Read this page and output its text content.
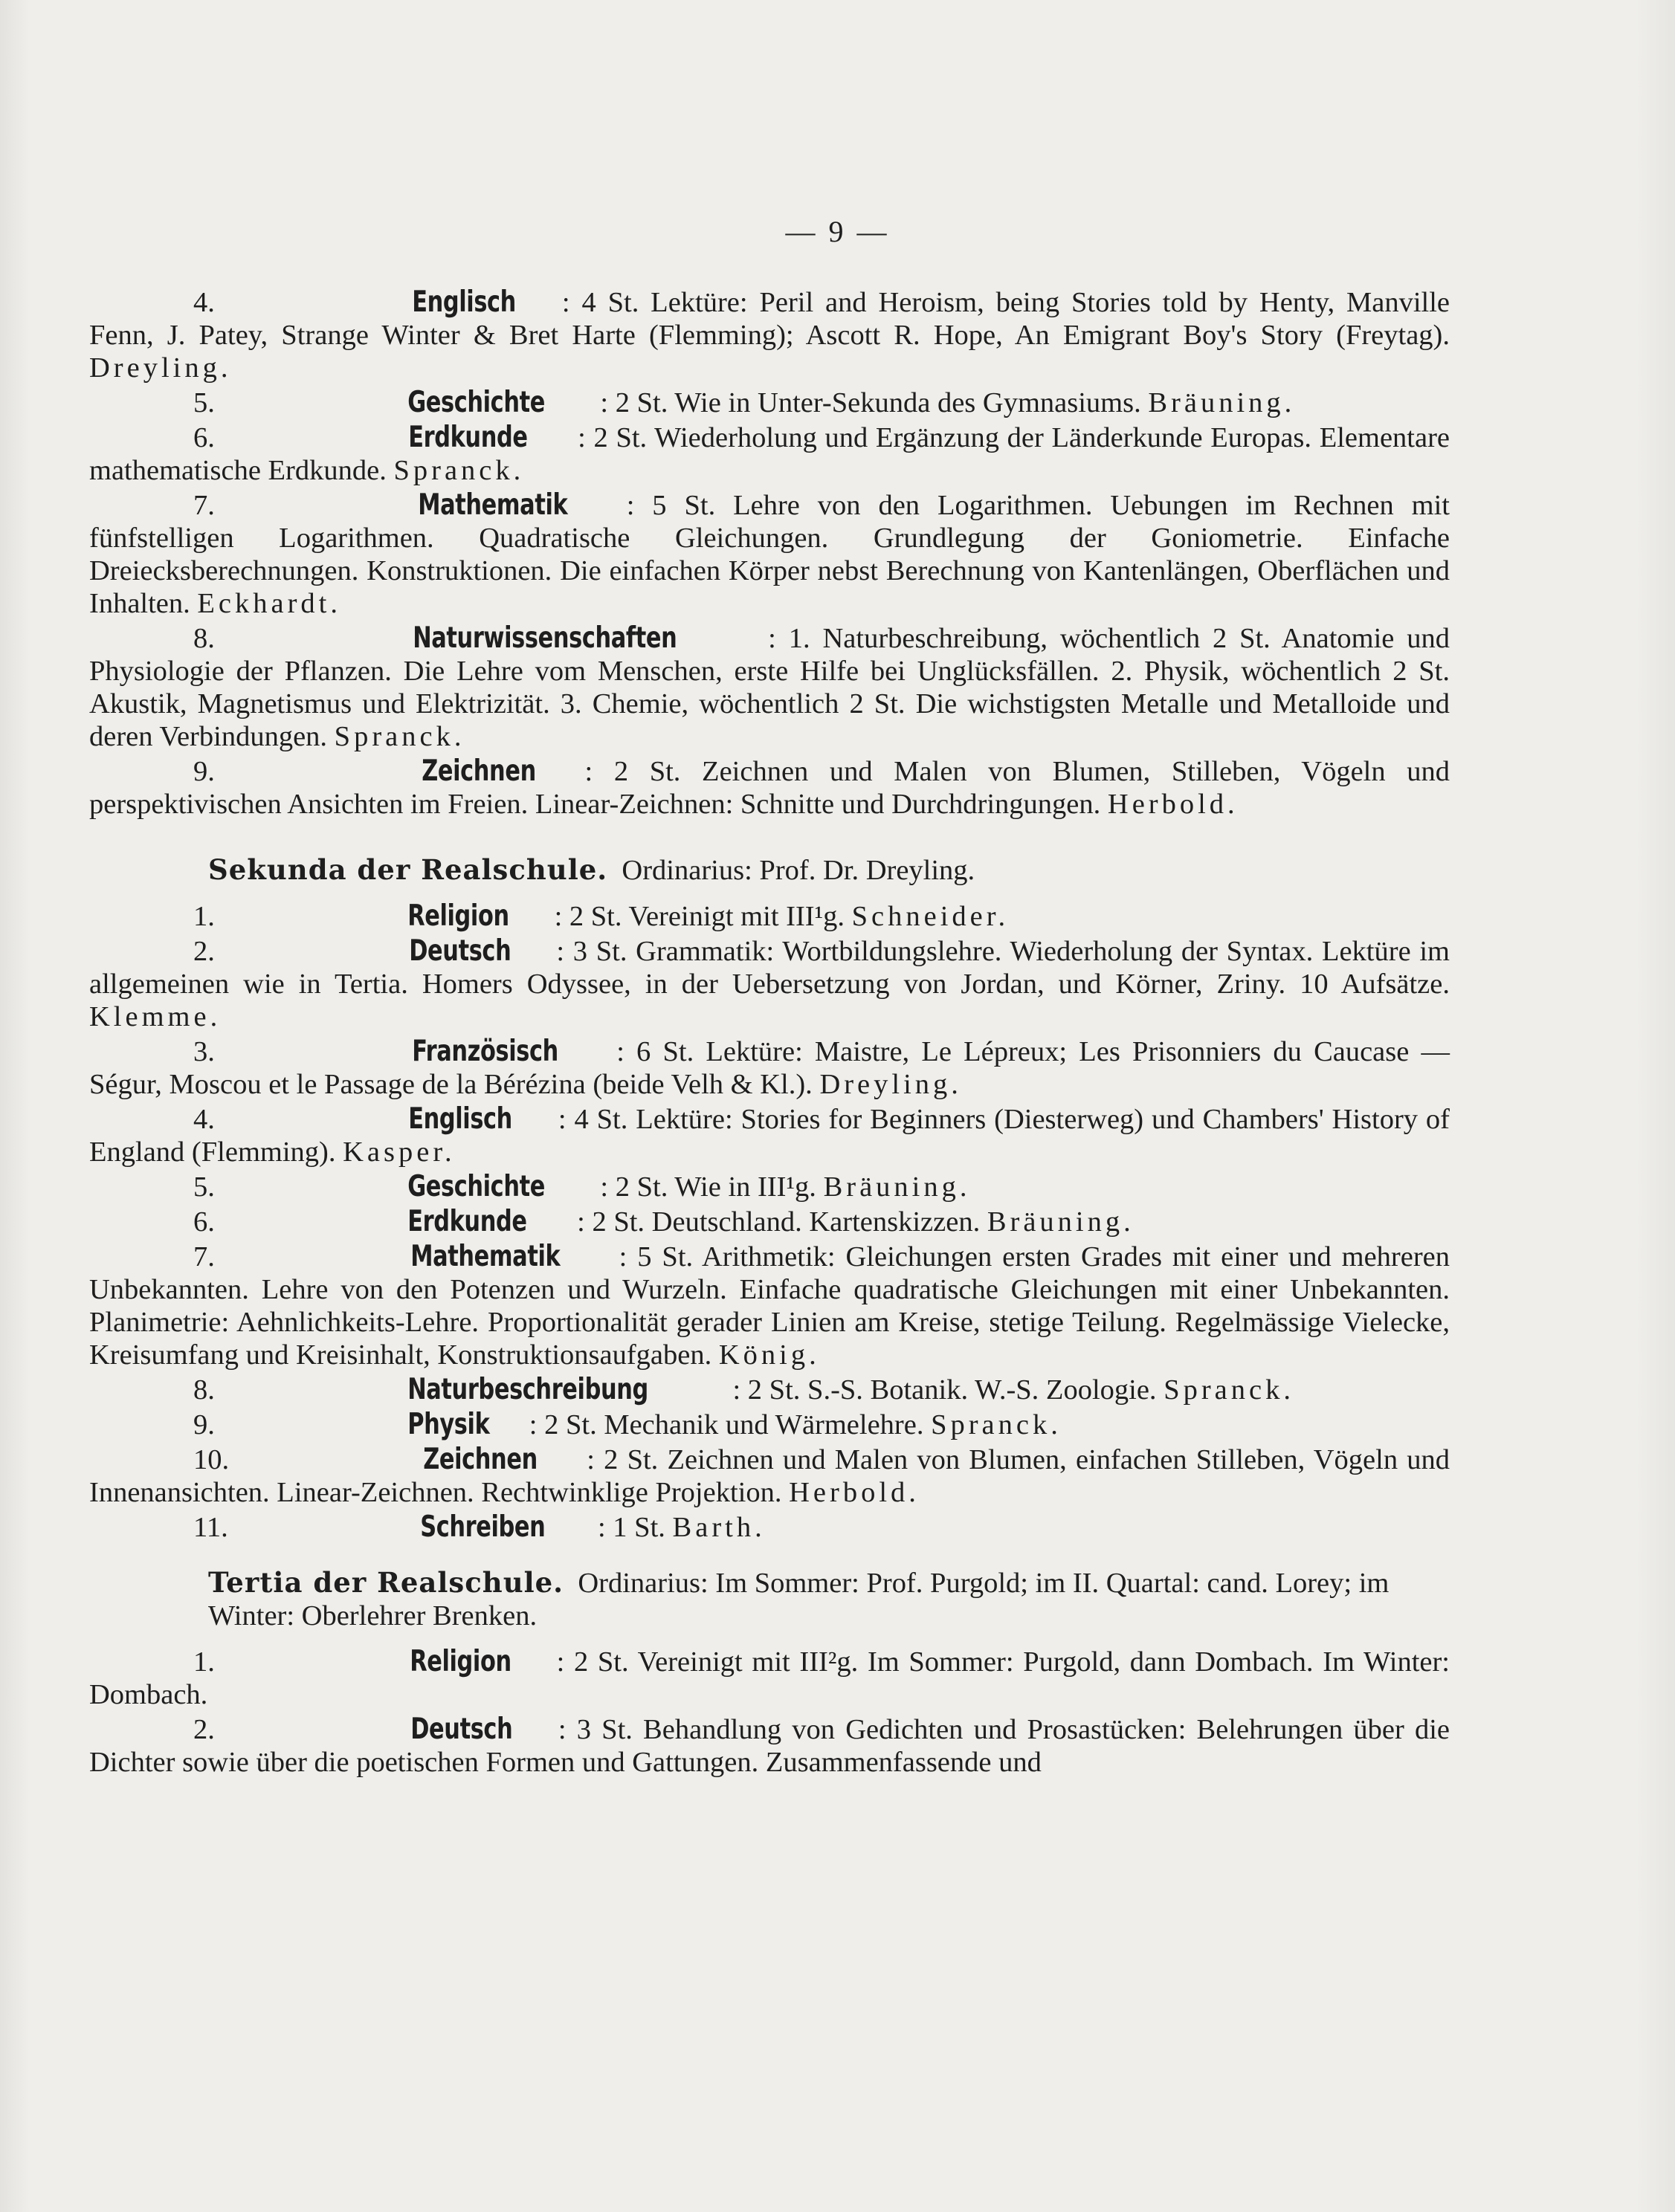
— 9 —

4.	Englisch : 4 St. Lektüre: Peril and Heroism, being Stories told by Henty, Manville Fenn, J. Patey, Strange Winter & Bret Harte (Flemming); Ascott R. Hope, An Emigrant Boy's Story (Freytag). Dreyling.

5.	Geschichte : 2 St. Wie in Unter-Sekunda des Gymnasiums. Bräuning.

6.	Erdkunde : 2 St. Wiederholung und Ergänzung der Länderkunde Europas. Elementare mathematische Erdkunde. Spranck.

7.	Mathematik : 5 St. Lehre von den Logarithmen. Uebungen im Rechnen mit fünfstelligen Logarithmen. Quadratische Gleichungen. Grundlegung der Goniometrie. Einfache Dreiecksberechnungen. Konstruktionen. Die einfachen Körper nebst Berechnung von Kantenlängen, Oberflächen und Inhalten. Eckhardt.

8.	Naturwissenschaften	: 1. Naturbeschreibung, wöchentlich 2 St. Anatomie und Physiologie der Pflanzen. Die Lehre vom Menschen, erste Hilfe bei Unglücksfällen. 2. Physik, wöchentlich 2 St. Akustik, Magnetismus und Elektrizität. 3. Chemie, wöchentlich 2 St. Die wichstigsten Metalle und Metalloide und deren Verbindungen. Spranck.

9.	Zeichnen : 2 St. Zeichnen und Malen von Blumen, Stilleben, Vögeln und perspektivischen Ansichten im Freien. Linear-Zeichnen: Schnitte und Durchdringungen. Herbold.

Sekunda der Realschule. Ordinarius: Prof. Dr. Dreyling.

1.	Religion : 2 St. Vereinigt mit III¹g. Schneider.

2.	Deutsch : 3 St. Grammatik: Wortbildungslehre. Wiederholung der Syntax. Lektüre im allgemeinen wie in Tertia. Homers Odyssee, in der Uebersetzung von Jordan, und Körner, Zriny. 10 Aufsätze. Klemme.

3.	Französisch : 6 St. Lektüre: Maistre, Le Lépreux; Les Prisonniers du Caucase — Ségur, Moscou et le Passage de la Bérézina (beide Velh & Kl.). Dreyling.

4.	Englisch : 4 St. Lektüre: Stories for Beginners (Diesterweg) und Chambers' History of England (Flemming). Kasper.

5.	Geschichte : 2 St. Wie in III¹g. Bräuning.

6.	Erdkunde : 2 St. Deutschland. Kartenskizzen. Bräuning.

7.	Mathematik : 5 St. Arithmetik: Gleichungen ersten Grades mit einer und mehreren Unbekannten. Lehre von den Potenzen und Wurzeln. Einfache quadratische Gleichungen mit einer Unbekannten. Planimetrie: Aehnlichkeits-Lehre. Proportionalität gerader Linien am Kreise, stetige Teilung. Regelmässige Vielecke, Kreisumfang und Kreisinhalt, Konstruktionsaufgaben. König.

8.	Naturbeschreibung	: 2 St. S.-S. Botanik. W.-S. Zoologie. Spranck.

9.	Physik : 2 St. Mechanik und Wärmelehre. Spranck.

10.	Zeichnen : 2 St. Zeichnen und Malen von Blumen, einfachen Stilleben, Vögeln und Innenansichten. Linear-Zeichnen. Rechtwinklige Projektion. Herbold.

11.	Schreiben : 1 St. Barth.

Tertia der Realschule. Ordinarius: Im Sommer: Prof. Purgold; im II. Quartal: cand. Lorey; im Winter: Oberlehrer Brenken.

1.	Religion : 2 St. Vereinigt mit III²g. Im Sommer: Purgold, dann Dombach. Im Winter: Dombach.

2.	Deutsch : 3 St. Behandlung von Gedichten und Prosastücken: Belehrungen über die Dichter sowie über die poetischen Formen und Gattungen. Zusammenfassende und
